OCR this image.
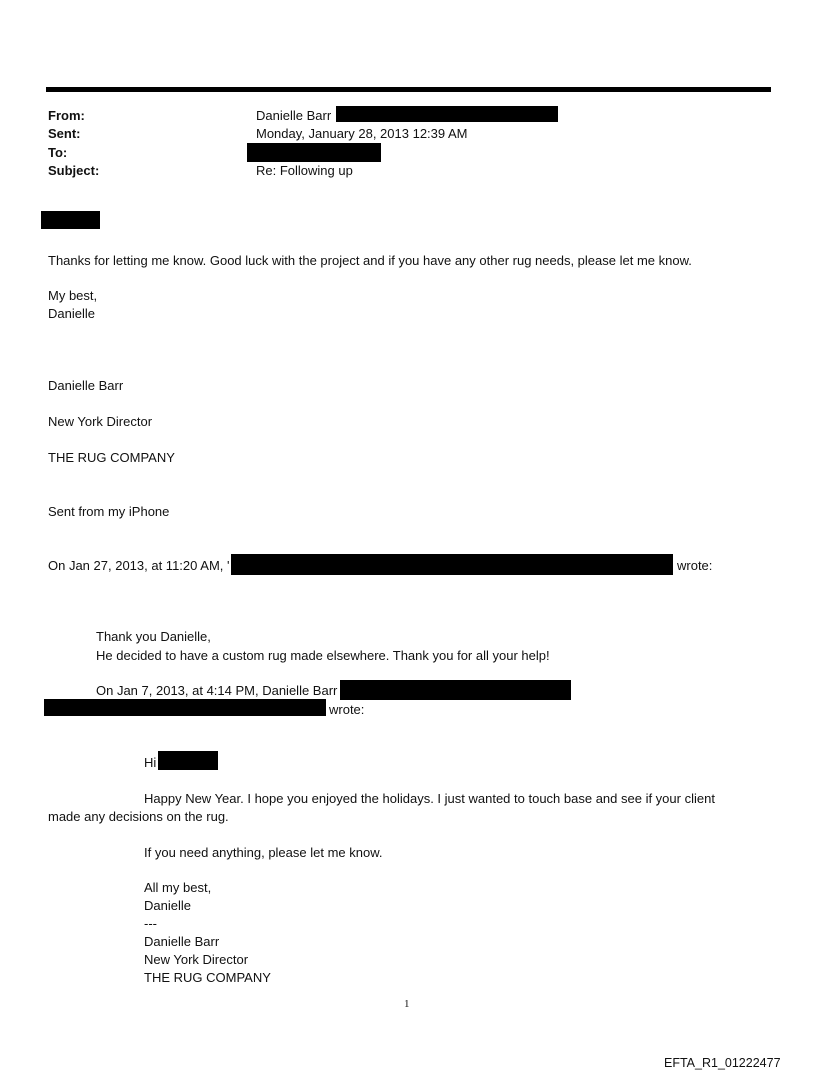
From:
Sent:
To:
Subject:
Danielle Barr
Monday, January 28, 2013 12:39 AM
Re: Following up
Thanks for letting me know. Good luck with the project and if you have any other rug needs, please let me know.
My best,
Danielle
Danielle Barr
New York Director
THE RUG COMPANY
Sent from my iPhone
On Jan 27, 2013, at 11:20 AM, '	wrote:
Thank you Danielle,
He decided to have a custom rug made elsewhere. Thank you for all your help!
On Jan 7, 2013, at 4:14 PM, Danielle Barr
wrote:
Hi
Happy New Year. I hope you enjoyed the holidays. I just wanted to touch base and see if your client
made any decisions on the rug.
If you need anything, please let me know.
All my best,
Danielle
---
Danielle Barr
New York Director
THE RUG COMPANY
1
EFTA_R1_01222477
